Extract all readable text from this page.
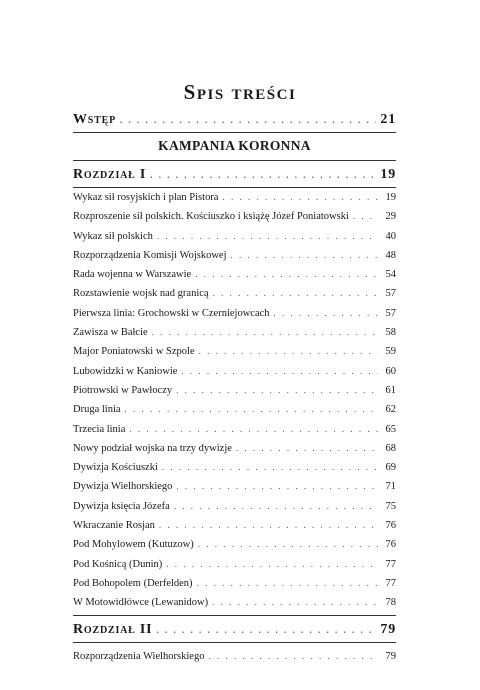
Spis treści
Wstęp . . .	21
KAMPANIA KORONNA
Rozdział I . . .	19
Wykaz sił rosyjskich i plan Pistora . . .	19
Rozproszenie sił polskich. Kościuszko i książę Józef Poniatowski . . .	29
Wykaz sił polskich . . .	40
Rozporządzenia Komisji Wojskowej . . .	48
Rada wojenna w Warszawie . . .	54
Rozstawienie wojsk nad granicą . . .	57
Pierwsza linia: Grochowski w Czerniejowcach . . .	57
Zawisza w Bałcie . . .	58
Major Poniatowski w Szpole . . .	59
Lubowidzki w Kaniowie . . .	60
Piotrowski w Pawłoczy . . .	61
Druga linia . . .	62
Trzecia linia . . .	65
Nowy podział wojska na trzy dywizje . . .	68
Dywizja Kościuszki . . .	69
Dywizja Wielhorskiego . . .	71
Dywizja księcia Józefa . . .	75
Wkraczanie Rosjan . . .	76
Pod Mohylowem (Kutuzow) . . .	76
Pod Kośnicą (Dunin) . . .	77
Pod Bohopolem (Derfelden) . . .	77
W Motowidłówce (Lewanidow) . . .	78
Rozdział II . . .	79
Rozporządzenia Wielhorskiego . . .	79
